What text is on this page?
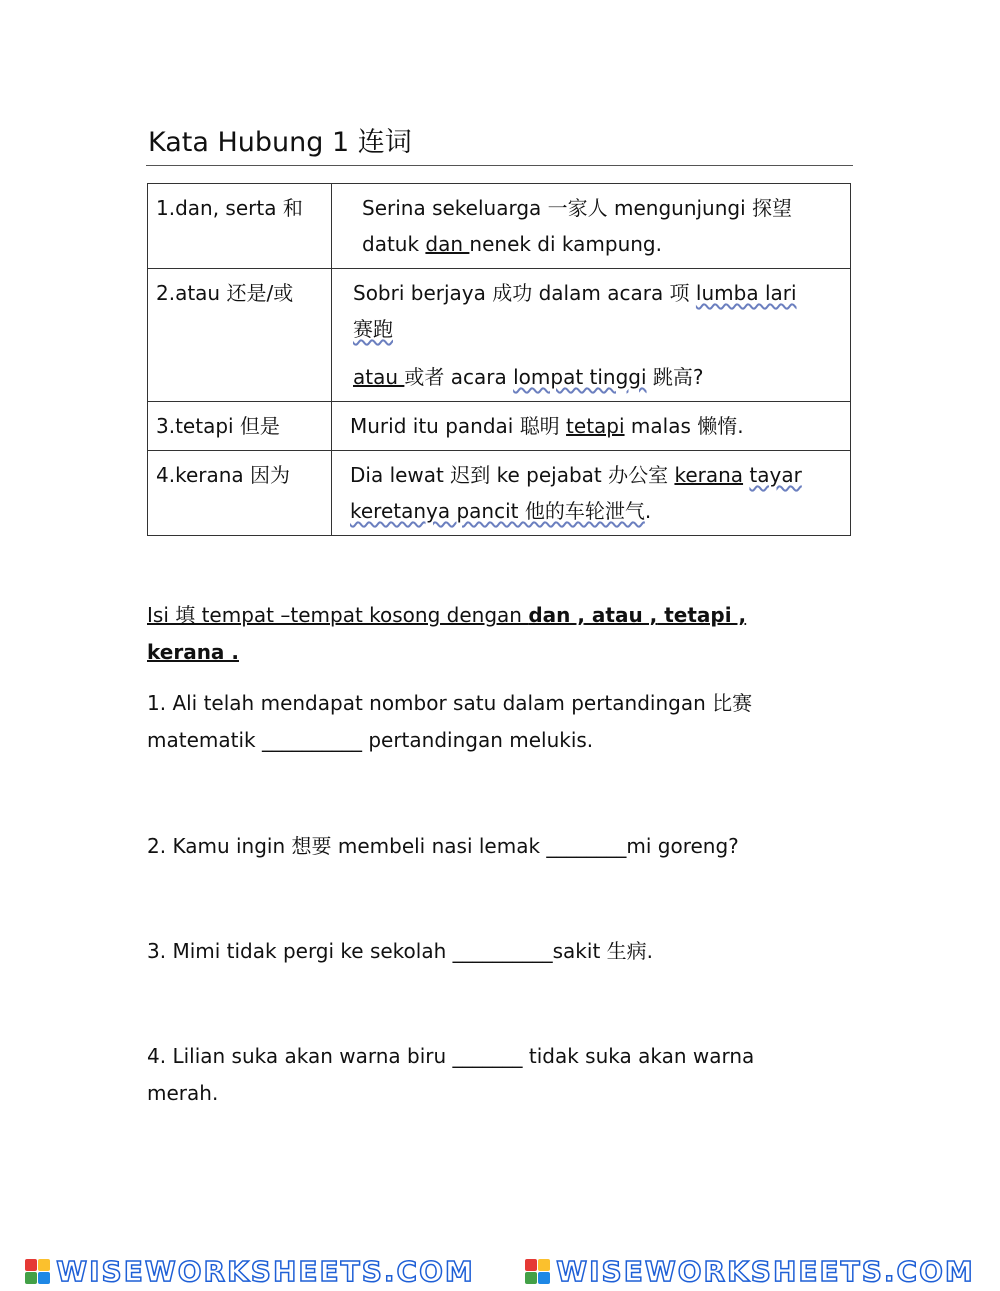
Kata Hubung 1 连词
1.dan, serta 和	Serina sekeluarga 一家人 mengunjungi 探望
datuk dan nenek di kampung.
2.atau 还是/或	Sobri berjaya 成功 dalam acara 项 lumba lari
赛跑
atau 或者 acara lompat tinggi 跳高?

3.tetapi 但是	Murid itu pandai 聪明 tetapi malas 懒惰.
4.kerana 因为	Dia lewat 迟到 ke pejabat 办公室 kerana tayar keretanya pancit 他的车轮泄气.
Isi 填 tempat –tempat kosong dengan dan , atau , tetapi ,
kerana .
1. Ali telah mendapat nombor satu dalam pertandingan 比赛 matematik __________ pertandingan melukis.
2. Kamu ingin 想要 membeli nasi lemak ________mi goreng?
3. Mimi tidak pergi ke sekolah __________sakit 生病.
4. Lilian suka akan warna biru _______ tidak suka akan warna merah.
WISEWORKSHEETS.COM	WISEWORKSHEETS.COM
